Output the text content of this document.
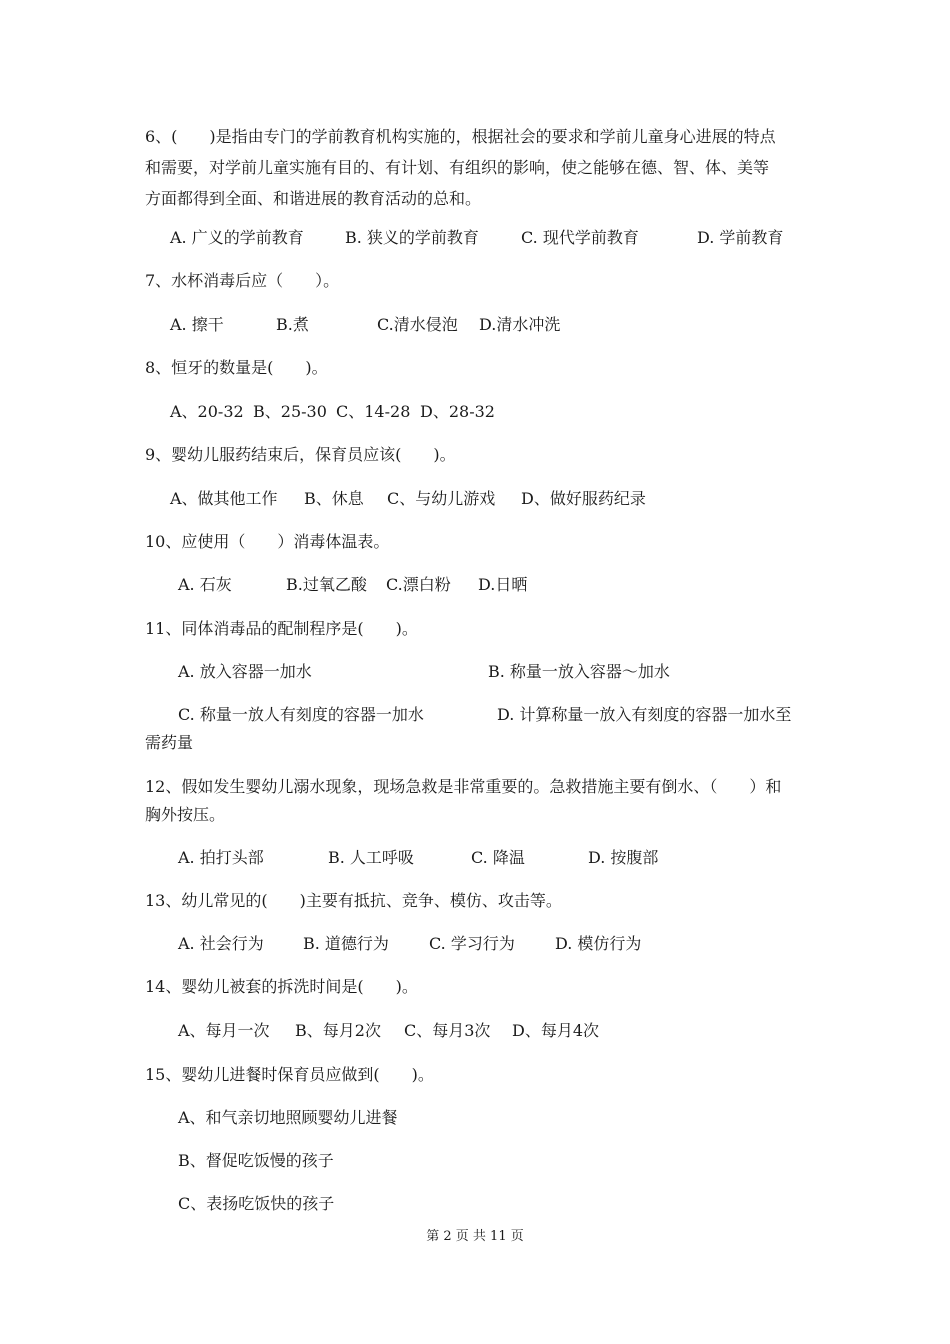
6、(　　)是指由专门的学前教育机构实施的，根据社会的要求和学前儿童身心进展的特点
和需要，对学前儿童实施有目的、有计划、有组织的影响，使之能够在德、智、体、美等
方面都得到全面、和谐进展的教育活动的总和。
A. 广义的学前教育	B. 狭义的学前教育	C. 现代学前教育	D. 学前教育
7、水杯消毒后应（　　）。
A. 擦干	B.煮	C.清水侵泡 D.清水冲洗
8、恒牙的数量是(　　)。
A、20-32 B、25-30 C、14-28 D、28-32
9、婴幼儿服药结束后，保育员应该(　　)。
A、做其他工作 B、休息 C、与幼儿游戏 D、做好服药纪录
10、应使用（　　）消毒体温表。
A. 石灰	B.过氧乙酸 C.漂白粉 D.日晒
11、同体消毒品的配制程序是(　　)。
A. 放入容器一加水	B. 称量一放入容器～加水
C. 称量一放人有刻度的容器一加水	D. 计算称量一放入有刻度的容器一加水至
需药量
12、假如发生婴幼儿溺水现象，现场急救是非常重要的。急救措施主要有倒水、（　　）和
胸外按压。
A. 拍打头部	B. 人工呼吸	C. 降温	D. 按腹部
13、幼儿常见的(　　)主要有抵抗、竞争、模仿、攻击等。
A. 社会行为 B. 道德行为	C. 学习行为	D. 模仿行为
14、婴幼儿被套的拆洗时间是(　　)。
A、每月一次 B、每月2次 C、每月3次 D、每月4次
15、婴幼儿进餐时保育员应做到(　　)。
A、和气亲切地照顾婴幼儿进餐
B、督促吃饭慢的孩子
C、表扬吃饭快的孩子
第 2 页 共 11 页
